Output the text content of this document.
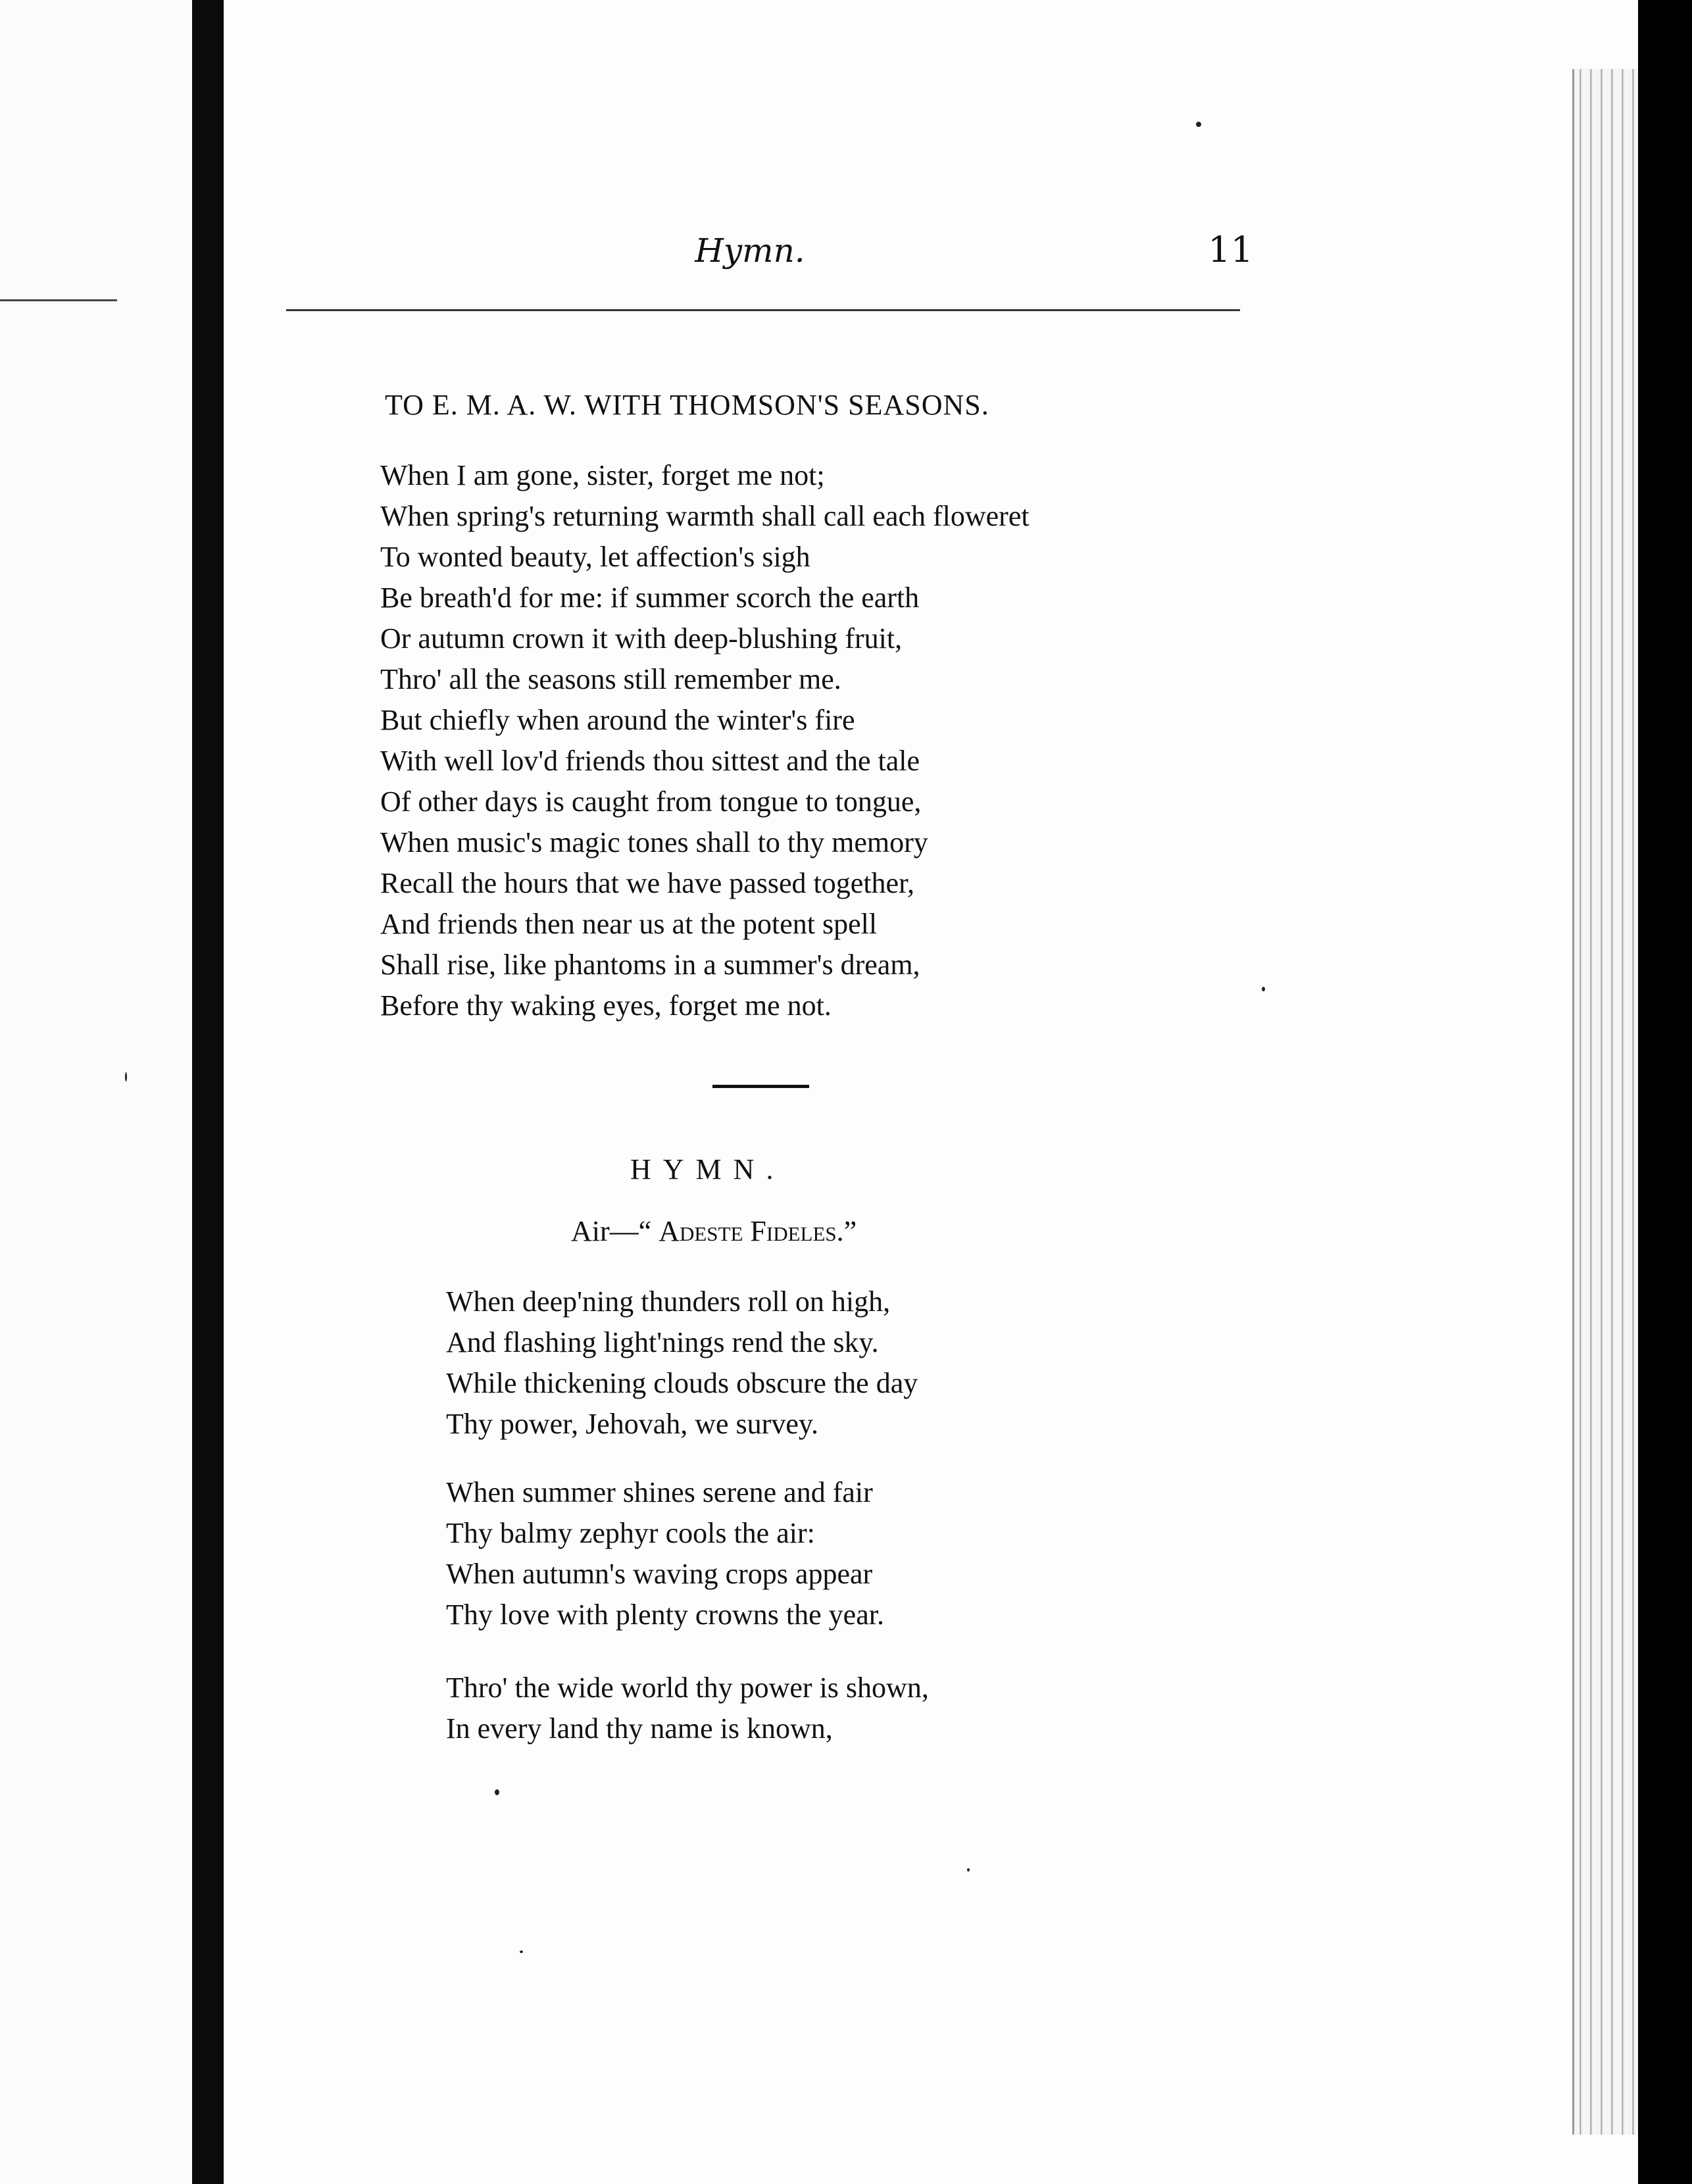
Hymn.	11
TO E. M. A. W. WITH THOMSON'S SEASONS.
When I am gone, sister, forget me not;
When spring's returning warmth shall call each floweret
To wonted beauty, let affection's sigh
Be breath'd for me: if summer scorch the earth
Or autumn crown it with deep-blushing fruit,
Thro' all the seasons still remember me.
But chiefly when around the winter's fire
With well lov'd friends thou sittest and the tale
Of other days is caught from tongue to tongue,
When music's magic tones shall to thy memory
Recall the hours that we have passed together,
And friends then near us at the potent spell
Shall rise, like phantoms in a summer's dream,
Before thy waking eyes, forget me not.
HYMN.
Air—“ Adeste Fideles.”
When deep'ning thunders roll on high,
And flashing light'nings rend the sky.
While thickening clouds obscure the day
Thy power, Jehovah, we survey.
When summer shines serene and fair
Thy balmy zephyr cools the air:
When autumn's waving crops appear
Thy love with plenty crowns the year.
Thro' the wide world thy power is shown,
In every land thy name is known,
